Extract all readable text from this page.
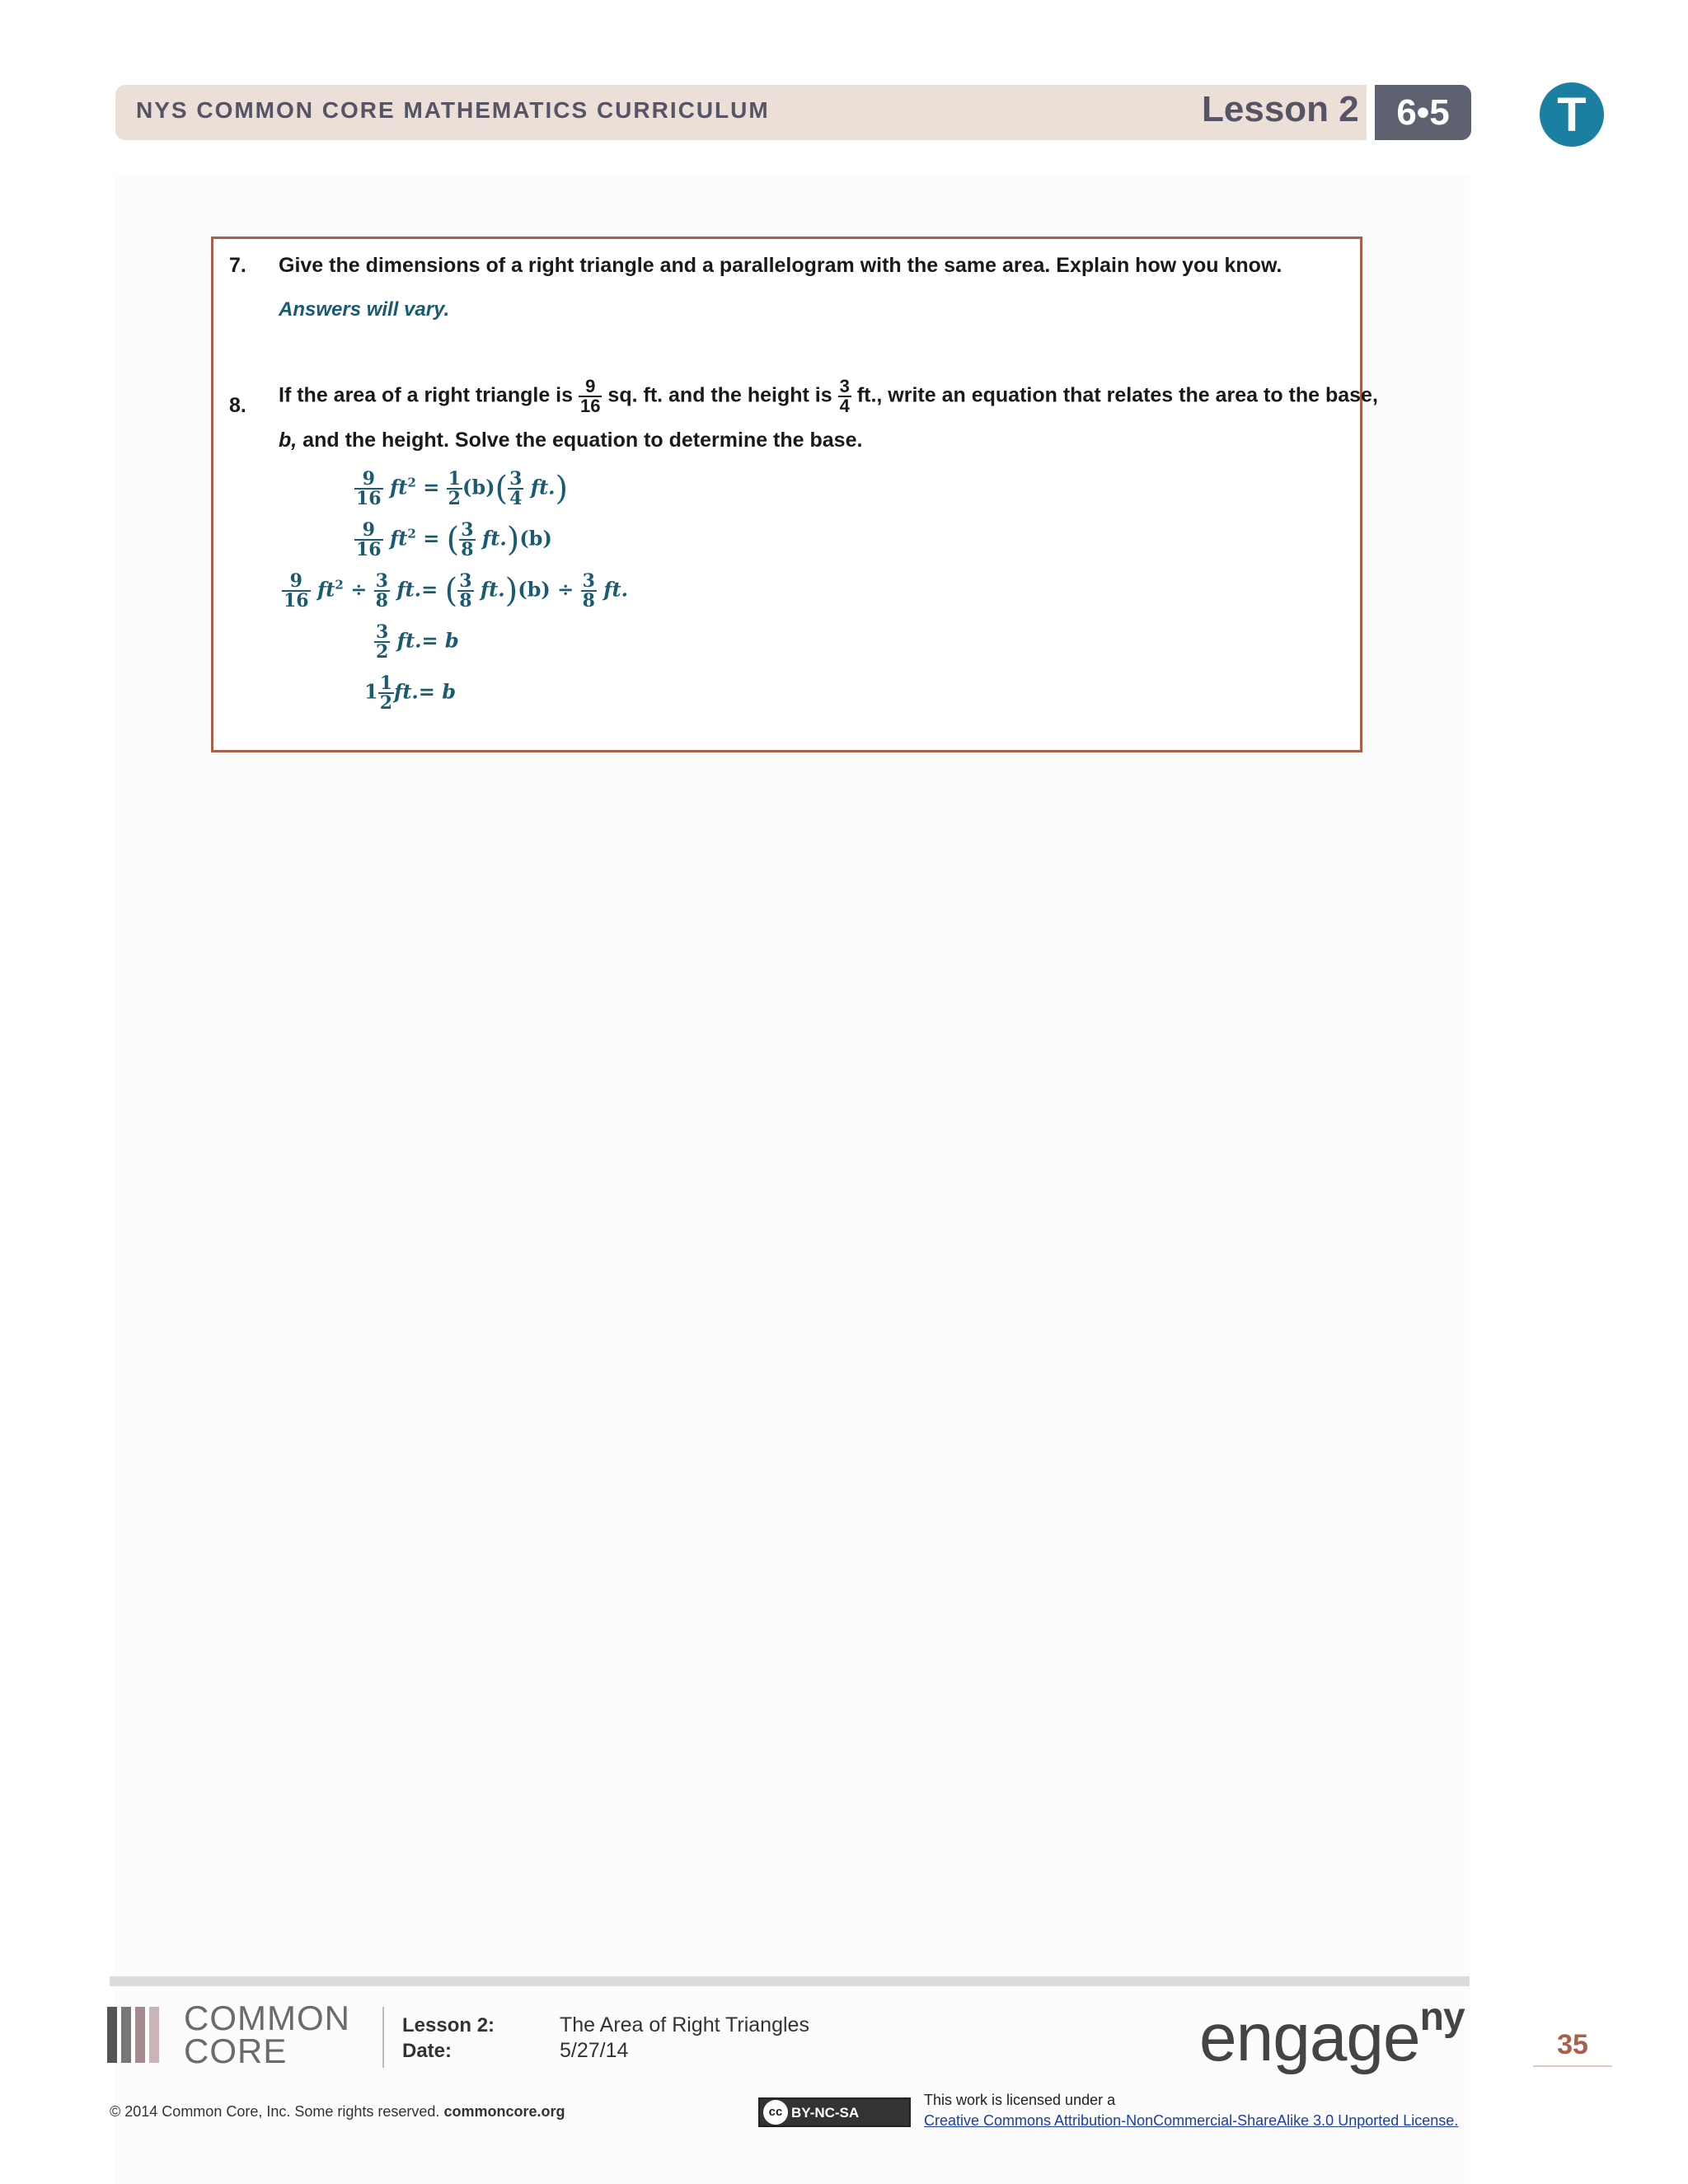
NYS COMMON CORE MATHEMATICS CURRICULUM	Lesson 2	6•5	T
7. Give the dimensions of a right triangle and a parallelogram with the same area. Explain how you know.
Answers will vary.
8. If the area of a right triangle is $\frac{9}{16}$ sq. ft. and the height is $\frac{3}{4}$ ft., write an equation that relates the area to the base,
b, and the height. Solve the equation to determine the base.
$\frac{9}{16} ft^2 = \frac{1}{2} (b)( \frac{3}{4} ft.)$
$\frac{9}{16} ft^2$ = ( $\frac{3}{8} ft.)(b)$
$\frac{9}{16} ft^2 \div \frac{3}{8} ft.=$ ( $\frac{3}{8} ft.)(b) \div \frac{3}{8}$ ft.
$\frac{3}{2} ft.= b$
$1 \frac{1}{2} ft.= b$
COMMON
CORE
Lesson 2:	The Area of Right Triangles
Date:	5/27/14	engage$^{ny}$
35
© 2014 Common Core, Inc. Some rights reserved. commoncore.org	cc BY-NC-SA
This work is licensed under a
Creative Commons Attribution-NonCommercial-ShareAlike 3.0 Unported License.
